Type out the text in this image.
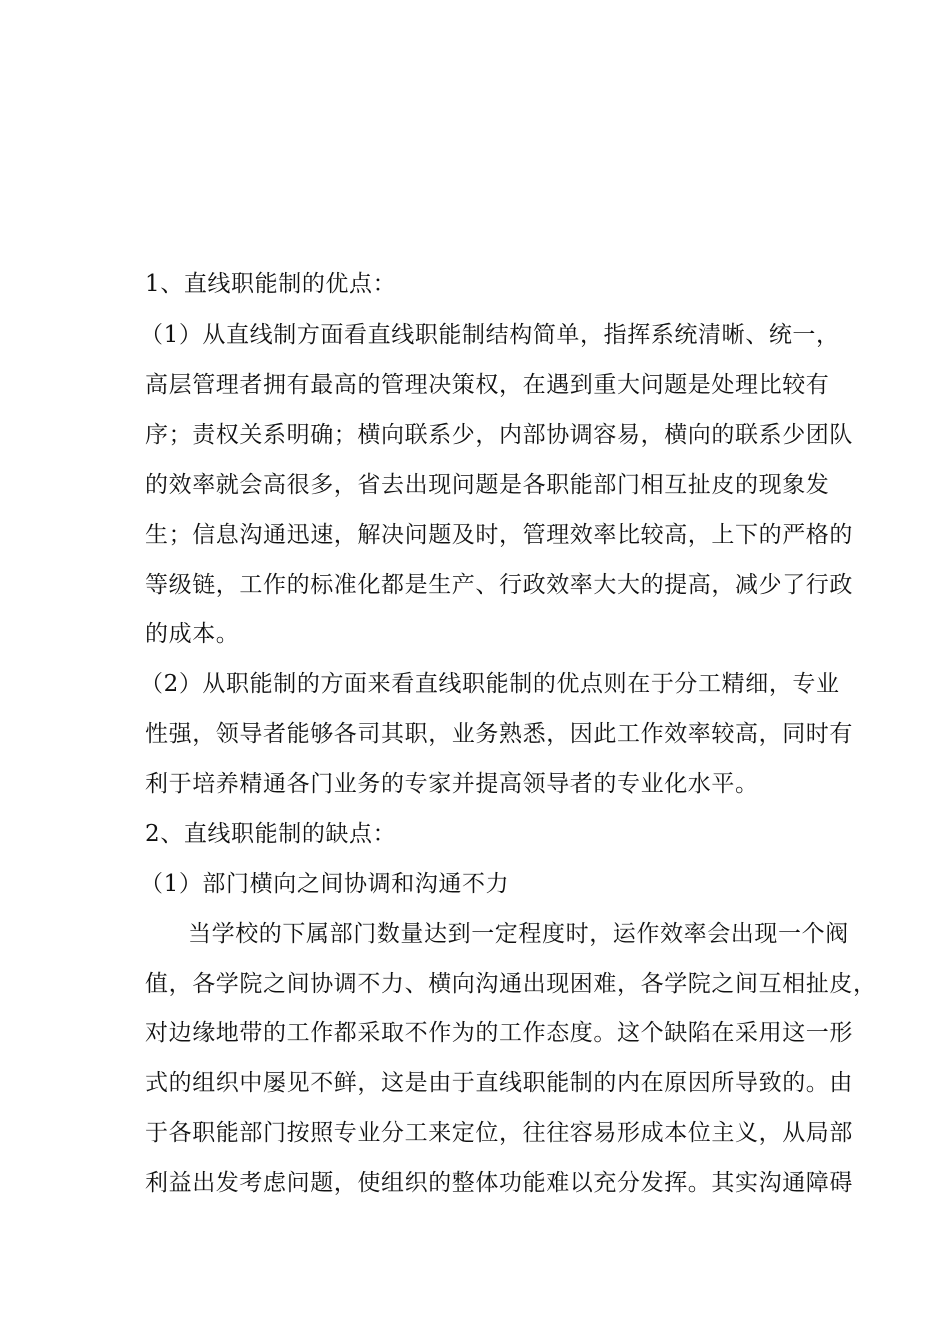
1、直线职能制的优点：
（1）从直线制方面看直线职能制结构简单，指挥系统清晰、统一，
高层管理者拥有最高的管理决策权，在遇到重大问题是处理比较有
序；责权关系明确；横向联系少，内部协调容易，横向的联系少团队
的效率就会高很多，省去出现问题是各职能部门相互扯皮的现象发
生；信息沟通迅速，解决问题及时，管理效率比较高，上下的严格的
等级链，工作的标准化都是生产、行政效率大大的提高，减少了行政
的成本。
（2）从职能制的方面来看直线职能制的优点则在于分工精细，专业
性强，领导者能够各司其职，业务熟悉，因此工作效率较高，同时有
利于培养精通各门业务的专家并提高领导者的专业化水平。
2、直线职能制的缺点：
（1）部门横向之间协调和沟通不力
当学校的下属部门数量达到一定程度时，运作效率会出现一个阀
值，各学院之间协调不力、横向沟通出现困难，各学院之间互相扯皮，
对边缘地带的工作都采取不作为的工作态度。这个缺陷在采用这一形
式的组织中屡见不鲜，这是由于直线职能制的内在原因所导致的。由
于各职能部门按照专业分工来定位，往往容易形成本位主义，从局部
利益出发考虑问题，使组织的整体功能难以充分发挥。其实沟通障碍
